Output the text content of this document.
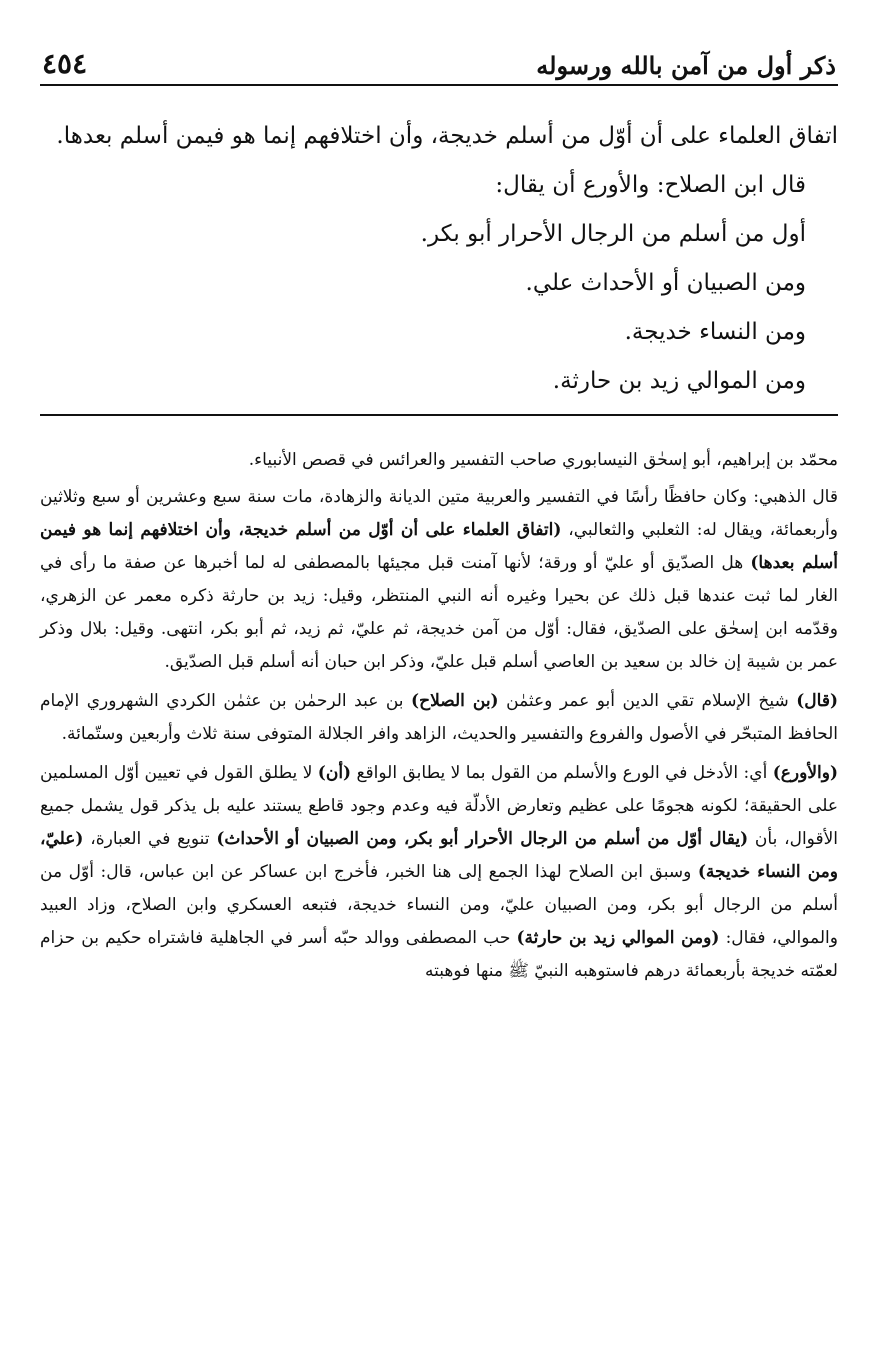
ذكر أول من آمن بالله ورسوله
٤٥٤

اتفاق العلماء على أن أوّل من أسلم خديجة، وأن اختلافهم إنما هو فيمن أسلم بعدها.

قال ابن الصلاح: والأورع أن يقال:

أول من أسلم من الرجال الأحرار أبو بكر.

ومن الصبيان أو الأحداث علي.

ومن النساء خديجة.

ومن الموالي زيد بن حارثة.

محمّد بن إبراهيم، أبو إسحٰق النيسابوري صاحب التفسير والعرائس في قصص الأنبياء.

قال الذهبي: وكان حافظًا رأسًا في التفسير والعربية متين الديانة والزهادة، مات سنة سبع وعشرين أو سبع وثلاثين وأربعمائة، ويقال له: الثعلبي والثعالبي، (اتفاق العلماء على أن أوّل من أسلم خديجة، وأن اختلافهم إنما هو فيمن أسلم بعدها) هل الصدّيق أو عليّ أو ورقة؛ لأنها آمنت قبل مجيئها بالمصطفى له لما أخبرها عن صفة ما رأى في الغار لما ثبت عندها قبل ذلك عن بحيرا وغيره أنه النبي المنتظر، وقيل: زيد بن حارثة ذكره معمر عن الزهري، وقدّمه ابن إسحٰق على الصدّيق، فقال: أوّل من آمن خديجة، ثم عليّ، ثم زيد، ثم أبو بكر، انتهى. وقيل: بلال وذكر عمر بن شيبة إن خالد بن سعيد بن العاصي أسلم قبل عليّ، وذكر ابن حبان أنه أسلم قبل الصدّيق.

(قال) شيخ الإسلام تقي الدين أبو عمر وعثمٰن (بن الصلاح) بن عبد الرحمٰن بن عثمٰن الكردي الشهروري الإمام الحافظ المتبحّر في الأصول والفروع والتفسير والحديث، الزاهد وافر الجلالة المتوفى سنة ثلاث وأربعين وستّمائة.

(والأورع) أي: الأدخل في الورع والأسلم من القول بما لا يطابق الواقع (أن) لا يطلق القول في تعيين أوّل المسلمين على الحقيقة؛ لكونه هجومًا على عظيم وتعارض الأدلّة فيه وعدم وجود قاطع يستند عليه بل يذكر قول يشمل جميع الأقوال، بأن (يقال أوّل من أسلم من الرجال الأحرار أبو بكر، ومن الصبيان أو الأحداث) تنويع في العبارة، (عليّ، ومن النساء خديجة) وسبق ابن الصلاح لهذا الجمع إلى هنا الخبر، فأخرج ابن عساكر عن ابن عباس، قال: أوّل من أسلم من الرجال أبو بكر، ومن الصبيان عليّ، ومن النساء خديجة، فتبعه العسكري وابن الصلاح، وزاد العبيد والموالي، فقال: (ومن الموالي زيد بن حارثة) حب المصطفى ووالد حبّه أسر في الجاهلية فاشتراه حكيم بن حزام لعمّته خديجة بأربعمائة درهم فاستوهبه النبيّ ﷺ منها فوهبته
